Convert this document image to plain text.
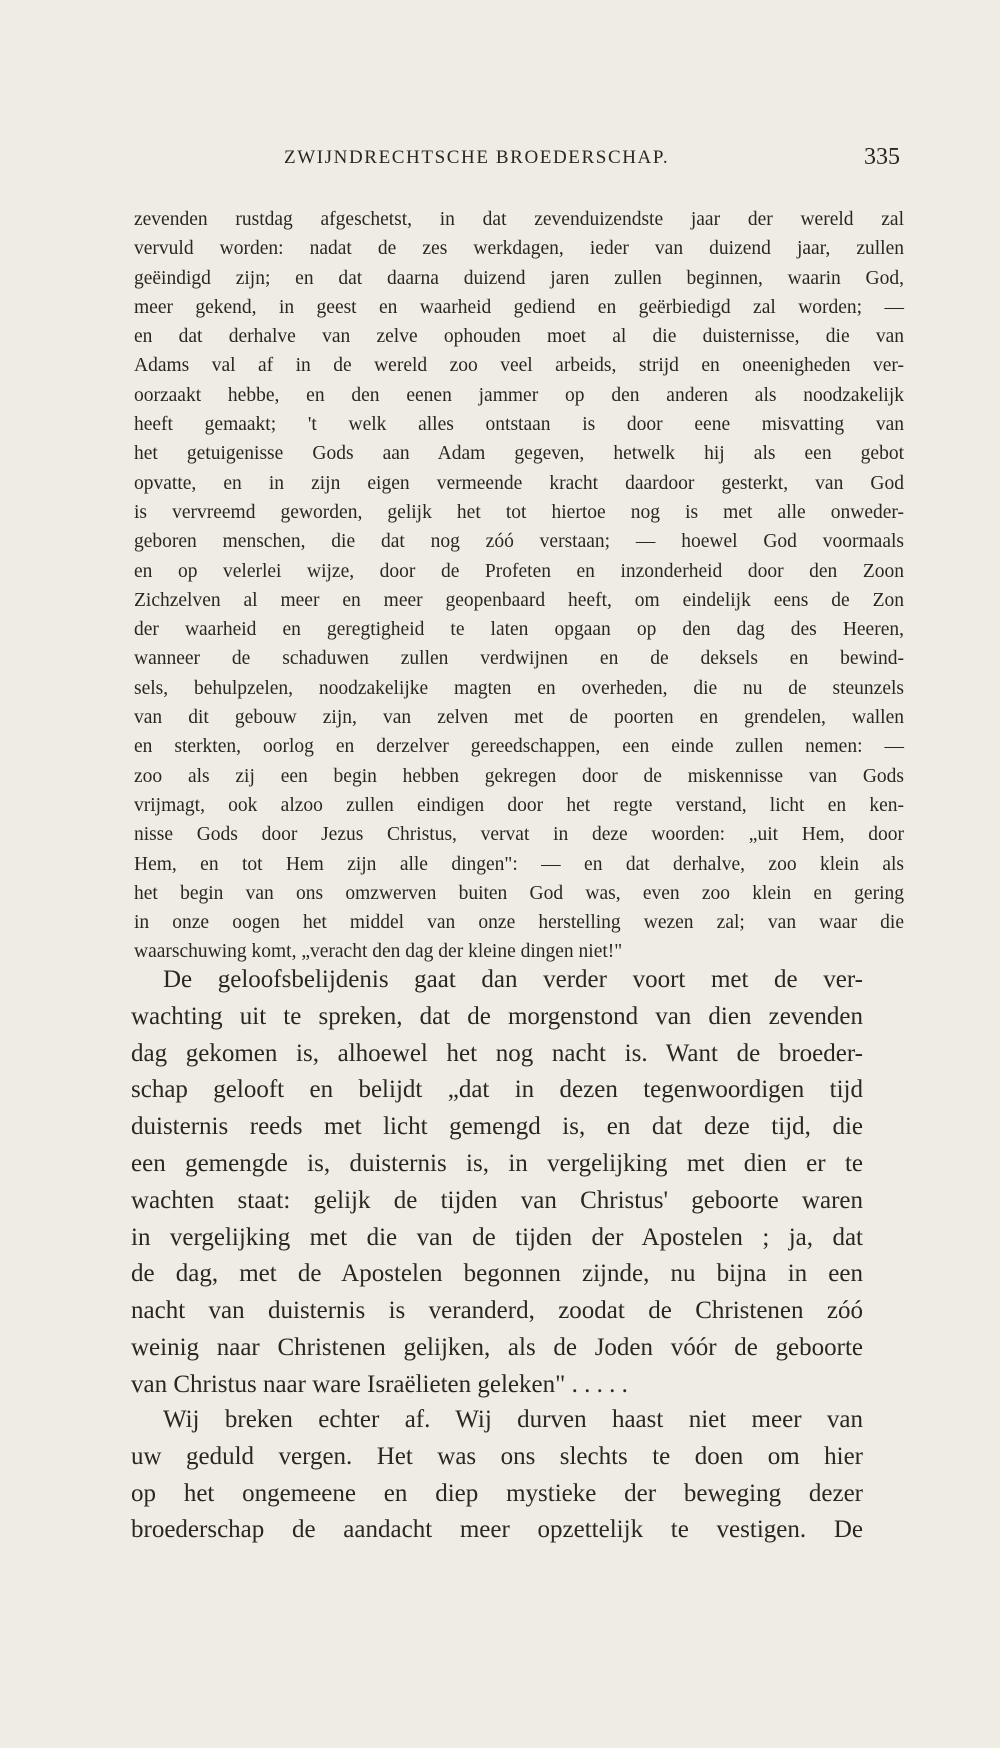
ZWIJNDRECHTSCHE BROEDERSCHAP.	335
zevenden rustdag afgeschetst, in dat zevenduizendste jaar der wereld zal
vervuld worden: nadat de zes werkdagen, ieder van duizend jaar, zullen
geëindigd zijn; en dat daarna duizend jaren zullen beginnen, waarin God,
meer gekend, in geest en waarheid gediend en geërbiedigd zal worden; —
en dat derhalve van zelve ophouden moet al die duisternisse, die van
Adams val af in de wereld zoo veel arbeids, strijd en oneenigheden ver-
oorzaakt hebbe, en den eenen jammer op den anderen als noodzakelijk
heeft gemaakt; 't welk alles ontstaan is door eene misvatting van
het getuigenisse Gods aan Adam gegeven, hetwelk hij als een gebot
opvatte, en in zijn eigen vermeende kracht daardoor gesterkt, van God
is vervreemd geworden, gelijk het tot hiertoe nog is met alle onweder-
geboren menschen, die dat nog zóó verstaan; — hoewel God voormaals
en op velerlei wijze, door de Profeten en inzonderheid door den Zoon
Zichzelven al meer en meer geopenbaard heeft, om eindelijk eens de Zon
der waarheid en geregtigheid te laten opgaan op den dag des Heeren,
wanneer de schaduwen zullen verdwijnen en de deksels en bewind-
sels, behulpzelen, noodzakelijke magten en overheden, die nu de steunzels
van dit gebouw zijn, van zelven met de poorten en grendelen, wallen
en sterkten, oorlog en derzelver gereedschappen, een einde zullen nemen: —
zoo als zij een begin hebben gekregen door de miskennisse van Gods
vrijmagt, ook alzoo zullen eindigen door het regte verstand, licht en ken-
nisse Gods door Jezus Christus, vervat in deze woorden: „uit Hem, door
Hem, en tot Hem zijn alle dingen": — en dat derhalve, zoo klein als
het begin van ons omzwerven buiten God was, even zoo klein en gering
in onze oogen het middel van onze herstelling wezen zal; van waar die
waarschuwing komt, „veracht den dag der kleine dingen niet!"
De geloofsbelijdenis gaat dan verder voort met de ver-
wachting uit te spreken, dat de morgenstond van dien zevenden
dag gekomen is, alhoewel het nog nacht is. Want de broeder-
schap gelooft en belijdt „dat in dezen tegenwoordigen tijd
duisternis reeds met licht gemengd is, en dat deze tijd, die
een gemengde is, duisternis is, in vergelijking met dien er te
wachten staat: gelijk de tijden van Christus' geboorte waren
in vergelijking met die van de tijden der Apostelen ; ja, dat
de dag, met de Apostelen begonnen zijnde, nu bijna in een
nacht van duisternis is veranderd, zoodat de Christenen zóó
weinig naar Christenen gelijken, als de Joden vóór de geboorte
van Christus naar ware Israëlieten geleken" . . . . .
Wij breken echter af. Wij durven haast niet meer van
uw geduld vergen. Het was ons slechts te doen om hier
op het ongemeene en diep mystieke der beweging dezer
broederschap de aandacht meer opzettelijk te vestigen. De
